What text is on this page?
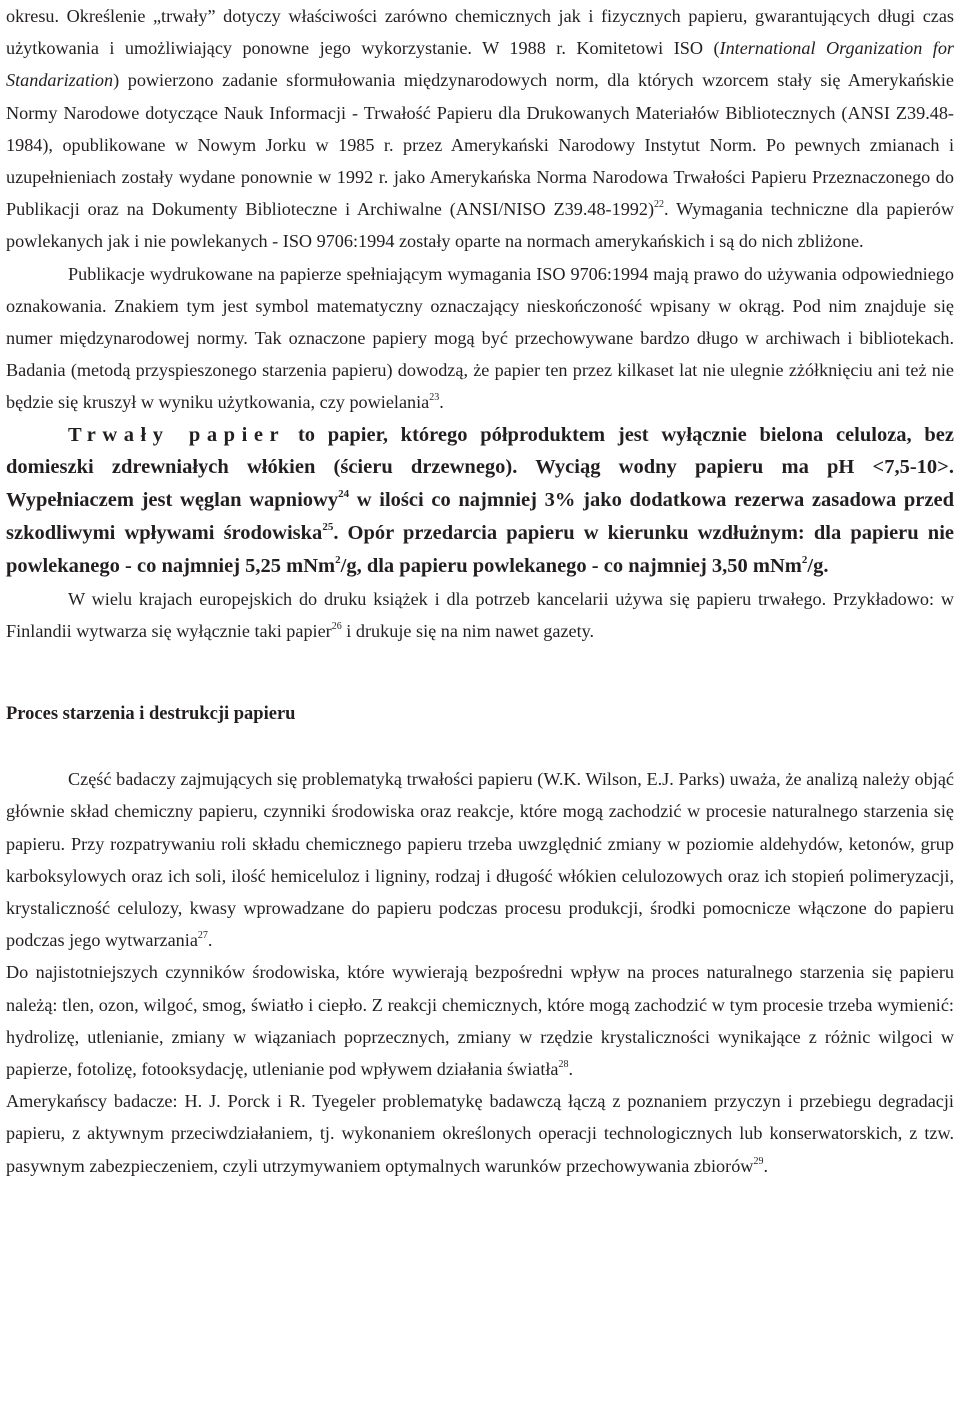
okresu. Określenie „trwały” dotyczy właściwości zarówno chemicznych jak i fizycznych papieru, gwarantujących długi czas użytkowania i umożliwiający ponowne jego wykorzystanie. W 1988 r. Komitetowi ISO (International Organization for Standarization) powierzono zadanie sformułowania międzynarodowych norm, dla których wzorcem stały się Amerykańskie Normy Narodowe dotyczące Nauk Informacji - Trwałość Papieru dla Drukowanych Materiałów Bibliotecznych (ANSI Z39.48-1984), opublikowane w Nowym Jorku w 1985 r. przez Amerykański Narodowy Instytut Norm. Po pewnych zmianach i uzupełnieniach zostały wydane ponownie w 1992 r. jako Amerykańska Norma Narodowa Trwałości Papieru Przeznaczonego do Publikacji oraz na Dokumenty Biblioteczne i Archiwalne (ANSI/NISO Z39.48-1992)$^{22}$. Wymagania techniczne dla papierów powlekanych jak i nie powlekanych - ISO 9706:1994 zostały oparte na normach amerykańskich i są do nich zbliżone.

Publikacje wydrukowane na papierze spełniającym wymagania ISO 9706:1994 mają prawo do używania odpowiedniego oznakowania. Znakiem tym jest symbol matematyczny oznaczający nieskończoność wpisany w okrąg. Pod nim znajduje się numer międzynarodowej normy. Tak oznaczone papiery mogą być przechowywane bardzo długo w archiwach i bibliotekach. Badania (metodą przyspieszonego starzenia papieru) dowodzą, że papier ten przez kilkaset lat nie ulegnie zżółknięciu ani też nie będzie się kruszył w wyniku użytkowania, czy powielania$^{23}$.

Trwały papier to papier, którego półproduktem jest wyłącznie bielona celuloza, bez domieszki zdrewniałych włókien (ścieru drzewnego). Wyciąg wodny papieru ma pH <7,5-10>. Wypełniaczem jest węglan wapniowy$^{24}$ w ilości co najmniej 3% jako dodatkowa rezerwa zasadowa przed szkodliwymi wpływami środowiska$^{25}$. Opór przedarcia papieru w kierunku wzdłużnym: dla papieru nie powlekanego - co najmniej 5,25 mNm$^2$/g, dla papieru powlekanego - co najmniej 3,50 mNm$^2$/g.

W wielu krajach europejskich do druku książek i dla potrzeb kancelarii używa się papieru trwałego. Przykładowo: w Finlandii wytwarza się wyłącznie taki papier$^{26}$ i drukuje się na nim nawet gazety.

Proces starzenia i destrukcji papieru

Część badaczy zajmujących się problematyką trwałości papieru (W.K. Wilson, E.J. Parks) uważa, że analizą należy objąć głównie skład chemiczny papieru, czynniki środowiska oraz reakcje, które mogą zachodzić w procesie naturalnego starzenia się papieru. Przy rozpatrywaniu roli składu chemicznego papieru trzeba uwzględnić zmiany w poziomie aldehydów, ketonów, grup karboksylowych oraz ich soli, ilość hemiceluloz i ligniny, rodzaj i długość włókien celulozowych oraz ich stopień polimeryzacji, krystaliczność celulozy, kwasy wprowadzane do papieru podczas procesu produkcji, środki pomocnicze włączone do papieru podczas jego wytwarzania$^{27}$.

Do najistotniejszych czynników środowiska, które wywierają bezpośredni wpływ na proces naturalnego starzenia się papieru należą: tlen, ozon, wilgoć, smog, światło i ciepło. Z reakcji chemicznych, które mogą zachodzić w tym procesie trzeba wymienić: hydrolizę, utlenianie, zmiany w wiązaniach poprzecznych, zmiany w rzędzie krystaliczności wynikające z różnic wilgoci w papierze, fotolizę, fotooksydację, utlenianie pod wpływem działania światła$^{28}$.

Amerykańscy badacze: H. J. Porck i R. Tyegeler problematykę badawczą łączą z poznaniem przyczyn i przebiegu degradacji papieru, z aktywnym przeciwdziałaniem, tj. wykonaniem określonych operacji technologicznych lub konserwatorskich, z tzw. pasywnym zabezpieczeniem, czyli utrzymywaniem optymalnych warunków przechowywania zbiorów$^{29}$.
